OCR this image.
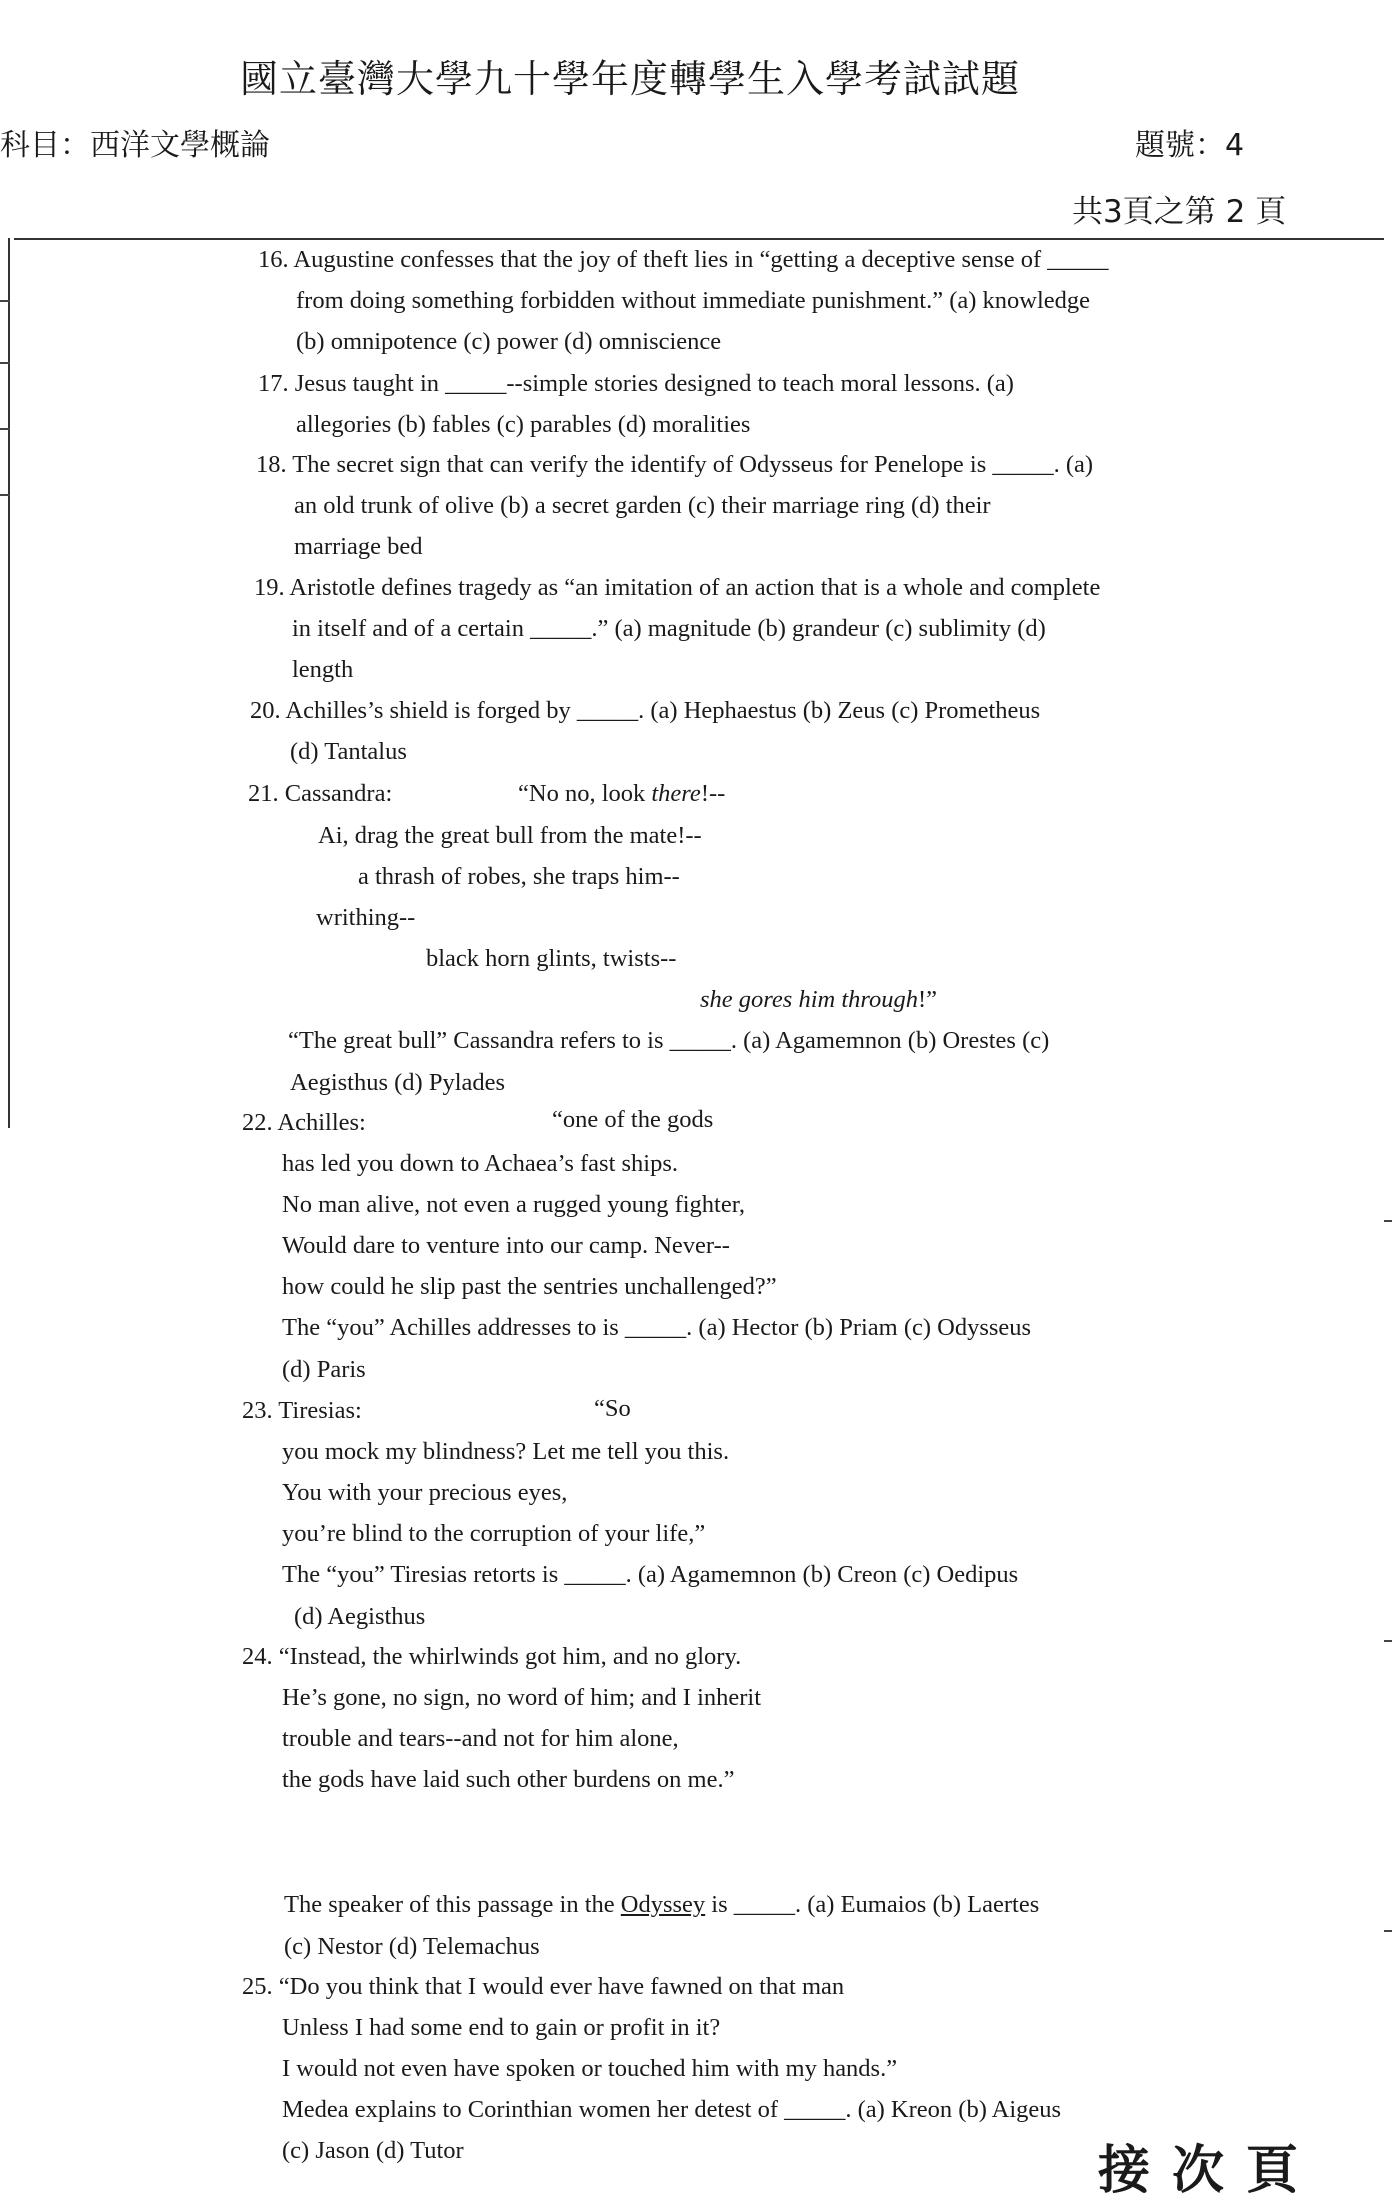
國立臺灣大學九十學年度轉學生入學考試試題
科目：西洋文學概論	題號：4
共3頁之第 2 頁
16. Augustine confesses that the joy of theft lies in “getting a deceptive sense of _____
from doing something forbidden without immediate punishment.” (a) knowledge
(b) omnipotence (c) power (d) omniscience
17. Jesus taught in _____--simple stories designed to teach moral lessons. (a)
allegories (b) fables (c) parables (d) moralities
18. The secret sign that can verify the identify of Odysseus for Penelope is _____. (a)
an old trunk of olive (b) a secret garden (c) their marriage ring (d) their
marriage bed
19. Aristotle defines tragedy as “an imitation of an action that is a whole and complete
in itself and of a certain _____.” (a) magnitude (b) grandeur (c) sublimity (d)
length
20. Achilles’s shield is forged by _____. (a) Hephaestus (b) Zeus (c) Prometheus
(d) Tantalus
21. Cassandra:	“No no, look there!--
Ai, drag the great bull from the mate!--
a thrash of robes, she traps him--
writhing--
black horn glints, twists--
she gores him through!”
“The great bull” Cassandra refers to is _____. (a) Agamemnon (b) Orestes (c)
Aegisthus (d) Pylades
22. Achilles:	“one of the gods
has led you down to Achaea’s fast ships.
No man alive, not even a rugged young fighter,
Would dare to venture into our camp. Never--
how could he slip past the sentries unchallenged?”
The “you” Achilles addresses to is _____. (a) Hector (b) Priam (c) Odysseus
(d) Paris
23. Tiresias:	“So
you mock my blindness? Let me tell you this.
You with your precious eyes,
you’re blind to the corruption of your life,”
The “you” Tiresias retorts is _____. (a) Agamemnon (b) Creon (c) Oedipus
(d) Aegisthus
24. “Instead, the whirlwinds got him, and no glory.
He’s gone, no sign, no word of him; and I inherit
trouble and tears--and not for him alone,
the gods have laid such other burdens on me.”
The speaker of this passage in the Odyssey is _____. (a) Eumaios (b) Laertes
(c) Nestor (d) Telemachus
25. “Do you think that I would ever have fawned on that man
Unless I had some end to gain or profit in it?
I would not even have spoken or touched him with my hands.”
Medea explains to Corinthian women her detest of _____. (a) Kreon (b) Aigeus
(c) Jason (d) Tutor	接次頁
